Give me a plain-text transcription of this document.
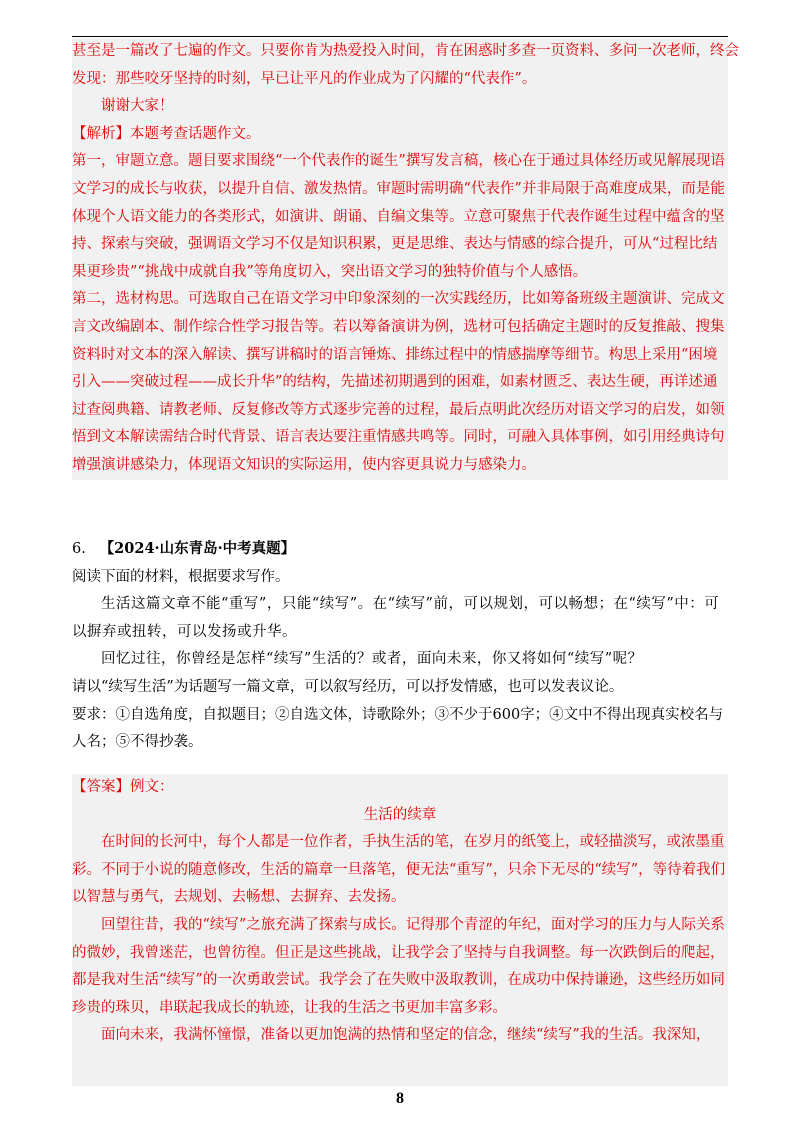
甚至是一篇改了七遍的作文。只要你肯为热爱投入时间，肯在困惑时多查一页资料、多问一次老师，终会

发现：那些咬牙坚持的时刻，早已让平凡的作业成为了闪耀的“代表作”。

谢谢大家！

【解析】本题考查话题作文。

第一，审题立意。题目要求围绕“一个代表作的诞生”撰写发言稿，核心在于通过具体经历或见解展现语文学习的成长与收获，以提升自信、激发热情。审题时需明确“代表作”并非局限于高难度成果，而是能体现个人语文能力的各类形式，如演讲、朗诵、自编文集等。立意可聚焦于代表作诞生过程中蕴含的坚持、探索与突破，强调语文学习不仅是知识积累，更是思维、表达与情感的综合提升，可从“过程比结果更珍贵”“挑战中成就自我”等角度切入，突出语文学习的独特价值与个人感悟。

第二，选材构思。可选取自己在语文学习中印象深刻的一次实践经历，比如筹备班级主题演讲、完成文言文改编剧本、制作综合性学习报告等。若以筹备演讲为例，选材可包括确定主题时的反复推敲、搜集资料时对文本的深入解读、撰写讲稿时的语言锤炼、排练过程中的情感揣摩等细节。构思上采用“困境引入——突破过程——成长升华”的结构，先描述初期遇到的困难，如素材匮乏、表达生硬，再详述通过查阅典籍、请教老师、反复修改等方式逐步完善的过程，最后点明此次经历对语文学习的启发，如领悟到文本解读需结合时代背景、语言表达要注重情感共鸣等。同时，可融入具体事例，如引用经典诗句增强演讲感染力，体现语文知识的实际运用，使内容更具说力与感染力。

6. 【2024·山东青岛·中考真题】

阅读下面的材料，根据要求写作。

生活这篇文章不能“重写”，只能“续写”。在“续写”前，可以规划，可以畅想；在“续写”中：可以摒弃或扭转，可以发扬或升华。

回忆过往，你曾经是怎样“续写”生活的？或者，面向未来，你又将如何“续写”呢？

请以“续写生活”为话题写一篇文章，可以叙写经历，可以抒发情感，也可以发表议论。

要求：①自选角度，自拟题目；②自选文体，诗歌除外；③不少于600字；④文中不得出现真实校名与人名；⑤不得抄袭。

【答案】例文：

生活的续章

在时间的长河中，每个人都是一位作者，手执生活的笔，在岁月的纸笺上，或轻描淡写，或浓墨重彩。不同于小说的随意修改，生活的篇章一旦落笔，便无法“重写”，只余下无尽的“续写”，等待着我们以智慧与勇气，去规划、去畅想、去摒弃、去发扬。

回望往昔，我的“续写”之旅充满了探索与成长。记得那个青涩的年纪，面对学习的压力与人际关系的微妙，我曾迷茫，也曾彷徨。但正是这些挑战，让我学会了坚持与自我调整。每一次跌倒后的爬起，都是我对生活“续写”的一次勇敢尝试。我学会了在失败中汲取教训，在成功中保持谦逊，这些经历如同珍贵的珠贝，串联起我成长的轨迹，让我的生活之书更加丰富多彩。

面向未来，我满怀憧憬，准备以更加饱满的热情和坚定的信念，继续“续写”我的生活。我深知，

8
